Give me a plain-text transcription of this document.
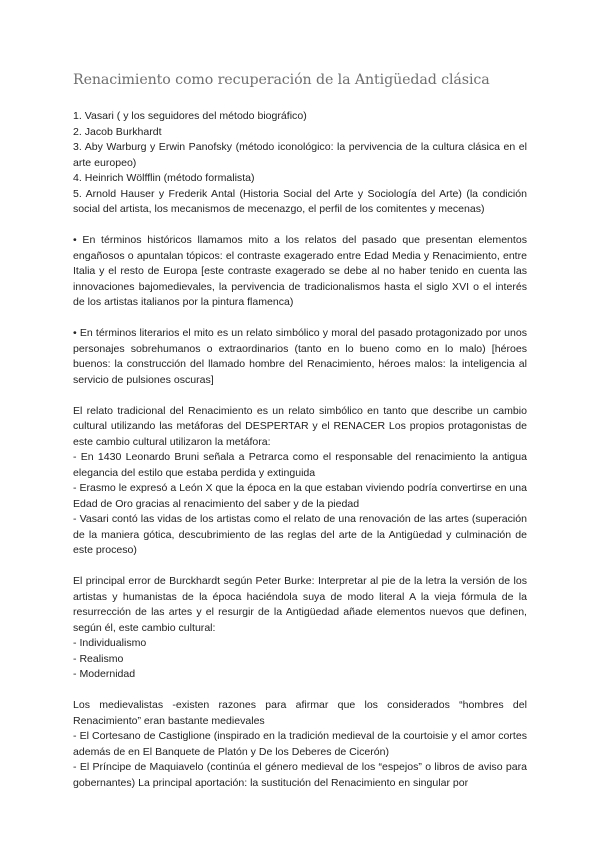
Renacimiento como recuperación de la Antigüedad clásica

1. Vasari ( y los seguidores del método biográfico)

2. Jacob Burkhardt

3. Aby Warburg y Erwin Panofsky (método iconológico: la pervivencia de la cultura clásica en el arte europeo)

4. Heinrich Wölfflin (método formalista)

5. Arnold Hauser y Frederik Antal (Historia Social del Arte y Sociología del Arte) (la condición social del artista, los mecanismos de mecenazgo, el perfil de los comitentes y mecenas)

• En términos históricos llamamos mito a los relatos del pasado que presentan elementos engañosos o apuntalan tópicos: el contraste exagerado entre Edad Media y Renacimiento, entre Italia y el resto de Europa [este contraste exagerado se debe al no haber tenido en cuenta las innovaciones bajomedievales, la pervivencia de tradicionalismos hasta el siglo XVI o el interés de los artistas italianos por la pintura flamenca)

• En términos literarios el mito es un relato simbólico y moral del pasado protagonizado por unos personajes sobrehumanos o extraordinarios (tanto en lo bueno como en lo malo) [héroes buenos: la construcción del llamado hombre del Renacimiento, héroes malos: la inteligencia al servicio de pulsiones oscuras]

El relato tradicional del Renacimiento es un relato simbólico en tanto que describe un cambio cultural utilizando las metáforas del DESPERTAR y el RENACER Los propios protagonistas de este cambio cultural utilizaron la metáfora:

- En 1430 Leonardo Bruni señala a Petrarca como el responsable del renacimiento la antigua elegancia del estilo que estaba perdida y extinguida

- Erasmo le expresó a León X que la época en la que estaban viviendo podría convertirse en una Edad de Oro gracias al renacimiento del saber y de la piedad

- Vasari contó las vidas de los artistas como el relato de una renovación de las artes (superación de la maniera gótica, descubrimiento de las reglas del arte de la Antigüedad y culminación de este proceso)

El principal error de Burckhardt según Peter Burke: Interpretar al pie de la letra la versión de los artistas y humanistas de la época haciéndola suya de modo literal A la vieja fórmula de la resurrección de las artes y el resurgir de la Antigüedad añade elementos nuevos que definen, según él, este cambio cultural:

- Individualismo

- Realismo

- Modernidad

Los medievalistas -existen razones para afirmar que los considerados “hombres del Renacimiento” eran bastante medievales

- El Cortesano de Castiglione (inspirado en la tradición medieval de la courtoisie y el amor cortes además de en El Banquete de Platón y De los Deberes de Cicerón)

- El Príncipe de Maquiavelo (continúa el género medieval de los “espejos” o libros de aviso para gobernantes) La principal aportación: la sustitución del Renacimiento en singular por
